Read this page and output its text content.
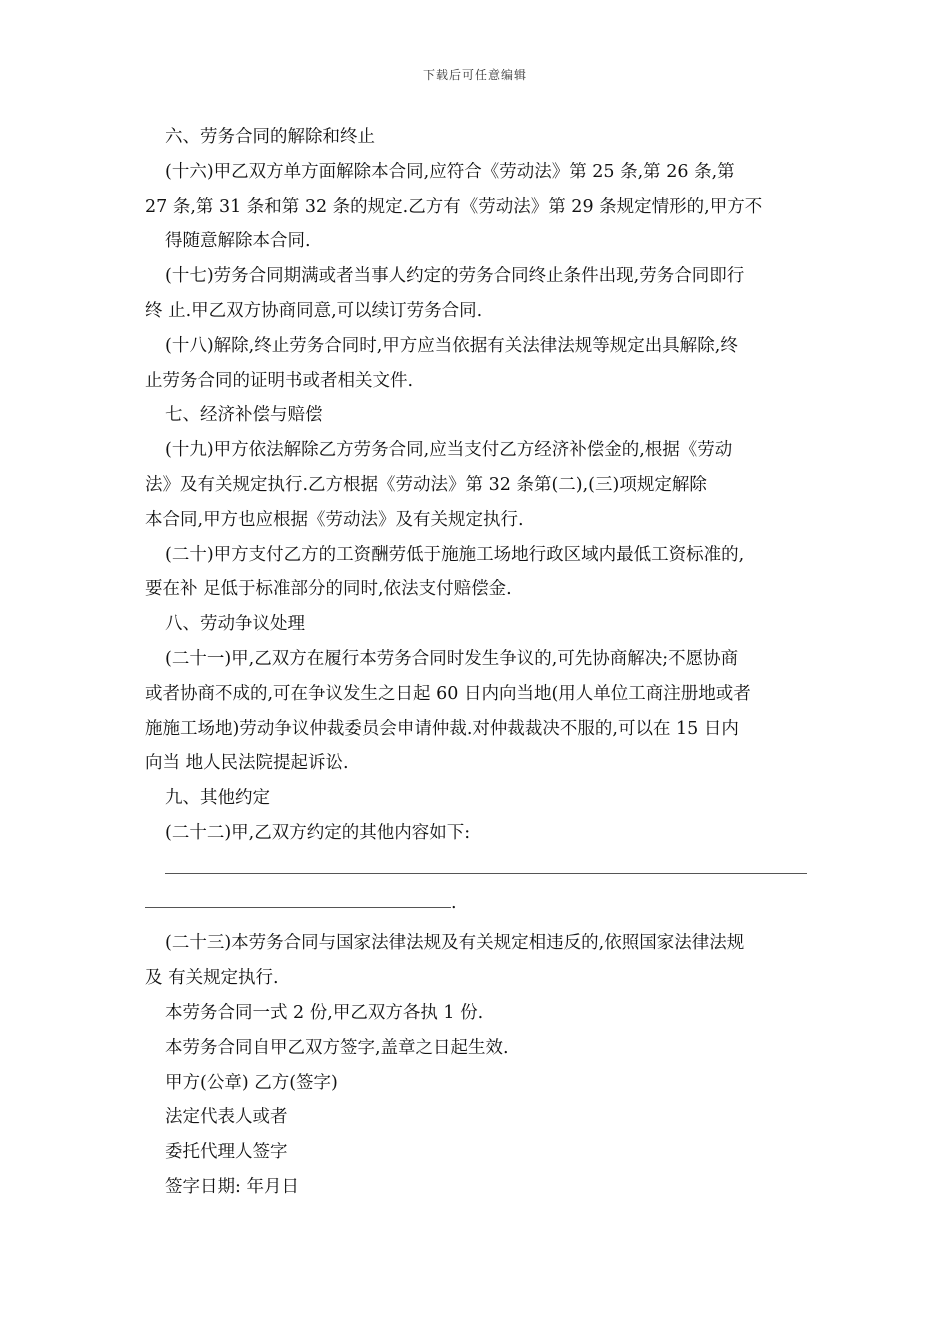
下载后可任意编辑
六、劳务合同的解除和终止
(十六)甲乙双方单方面解除本合同,应符合《劳动法》第 25 条,第 26 条,第
27 条,第 31 条和第 32 条的规定.乙方有《劳动法》第 29 条规定情形的,甲方不
得随意解除本合同.
(十七)劳务合同期满或者当事人约定的劳务合同终止条件出现,劳务合同即行
终 止.甲乙双方协商同意,可以续订劳务合同.
(十八)解除,终止劳务合同时,甲方应当依据有关法律法规等规定出具解除,终
止劳务合同的证明书或者相关文件.
七、经济补偿与赔偿
(十九)甲方依法解除乙方劳务合同,应当支付乙方经济补偿金的,根据《劳动
法》及有关规定执行.乙方根据《劳动法》第 32 条第(二),(三)项规定解除
本合同,甲方也应根据《劳动法》及有关规定执行.
(二十)甲方支付乙方的工资酬劳低于施施工场地行政区域内最低工资标准的,
要在补 足低于标准部分的同时,依法支付赔偿金.
八、劳动争议处理
(二十一)甲,乙双方在履行本劳务合同时发生争议的,可先协商解决;不愿协商
或者协商不成的,可在争议发生之日起 60 日内向当地(用人单位工商注册地或者
施施工场地)劳动争议仲裁委员会申请仲裁.对仲裁裁决不服的,可以在 15 日内
向当 地人民法院提起诉讼.
九、其他约定
(二十二)甲,乙双方约定的其他内容如下:
.
(二十三)本劳务合同与国家法律法规及有关规定相违反的,依照国家法律法规
及 有关规定执行.
本劳务合同一式 2 份,甲乙双方各执 1 份.
本劳务合同自甲乙双方签字,盖章之日起生效.
甲方(公章) 乙方(签字)
法定代表人或者
委托代理人签字
签字日期: 年月日
